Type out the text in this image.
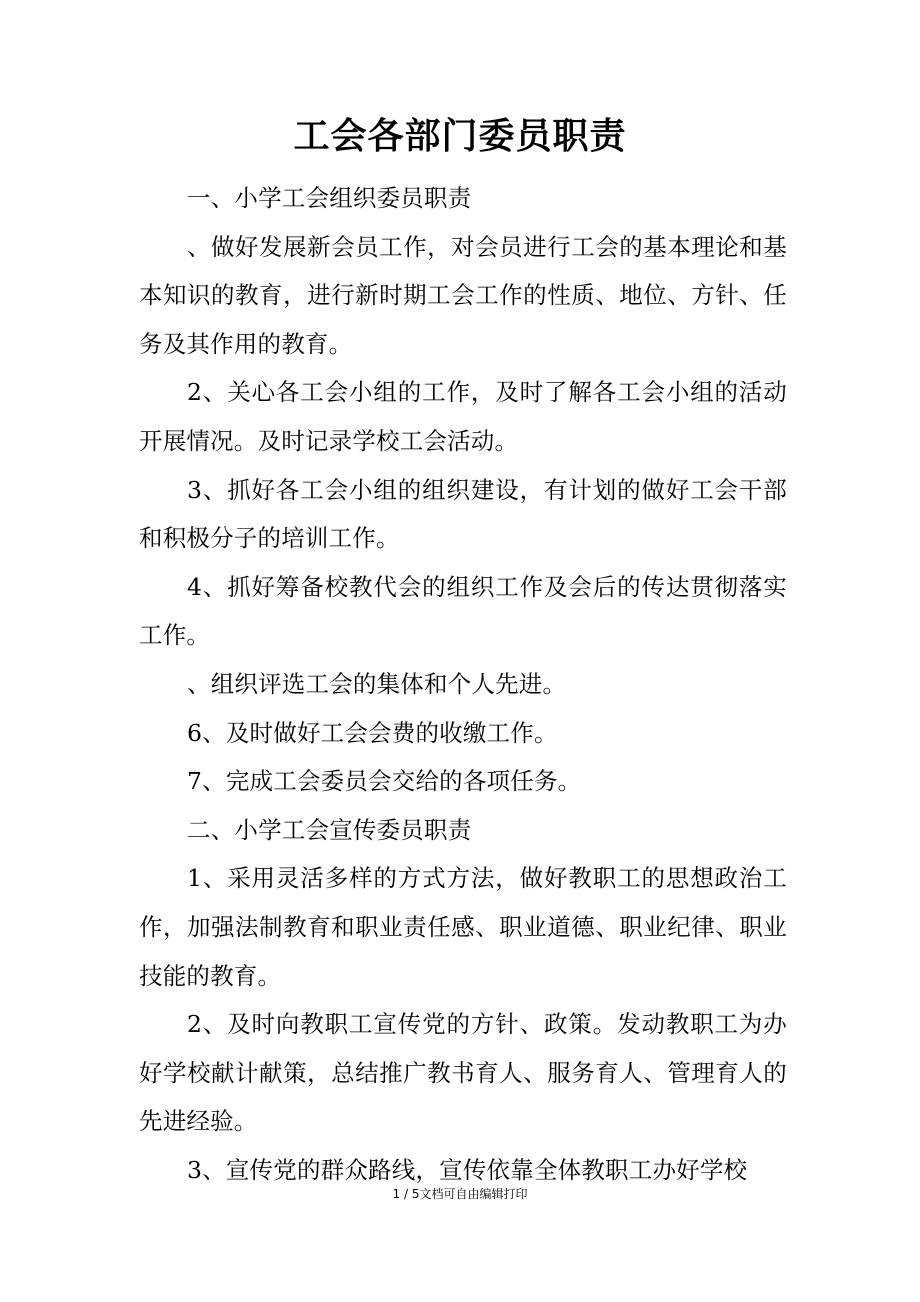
工会各部门委员职责

一、小学工会组织委员职责

、做好发展新会员工作，对会员进行工会的基本理论和基本知识的教育，进行新时期工会工作的性质、地位、方针、任务及其作用的教育。

2、关心各工会小组的工作，及时了解各工会小组的活动开展情况。及时记录学校工会活动。

3、抓好各工会小组的组织建设，有计划的做好工会干部和积极分子的培训工作。

4、抓好筹备校教代会的组织工作及会后的传达贯彻落实工作。

、组织评选工会的集体和个人先进。

6、及时做好工会会费的收缴工作。

7、完成工会委员会交给的各项任务。

二、小学工会宣传委员职责

1、采用灵活多样的方式方法，做好教职工的思想政治工作，加强法制教育和职业责任感、职业道德、职业纪律、职业技能的教育。

2、及时向教职工宣传党的方针、政策。发动教职工为办好学校献计献策，总结推广教书育人、服务育人、管理育人的先进经验。

3、宣传党的群众路线，宣传依靠全体教职工办好学校

1 / 5文档可自由编辑打印
